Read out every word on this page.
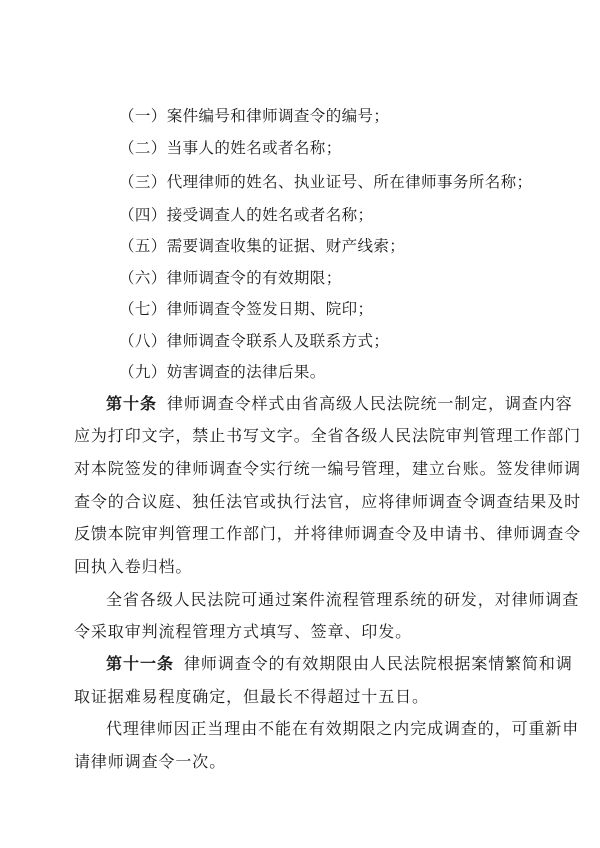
（一）案件编号和律师调查令的编号；
（二）当事人的姓名或者名称；
（三）代理律师的姓名、执业证号、所在律师事务所名称；
（四）接受调查人的姓名或者名称；
（五）需要调查收集的证据、财产线索；
（六）律师调查令的有效期限；
（七）律师调查令签发日期、院印；
（八）律师调查令联系人及联系方式；
（九）妨害调查的法律后果。
第十条 律师调查令样式由省高级人民法院统一制定，调查内容
应为打印文字，禁止书写文字。全省各级人民法院审判管理工作部门
对本院签发的律师调查令实行统一编号管理，建立台账。签发律师调
查令的合议庭、独任法官或执行法官，应将律师调查令调查结果及时
反馈本院审判管理工作部门，并将律师调查令及申请书、律师调查令
回执入卷归档。
全省各级人民法院可通过案件流程管理系统的研发，对律师调查
令采取审判流程管理方式填写、签章、印发。
第十一条 律师调查令的有效期限由人民法院根据案情繁简和调
取证据难易程度确定，但最长不得超过十五日。
代理律师因正当理由不能在有效期限之内完成调查的，可重新申
请律师调查令一次。
